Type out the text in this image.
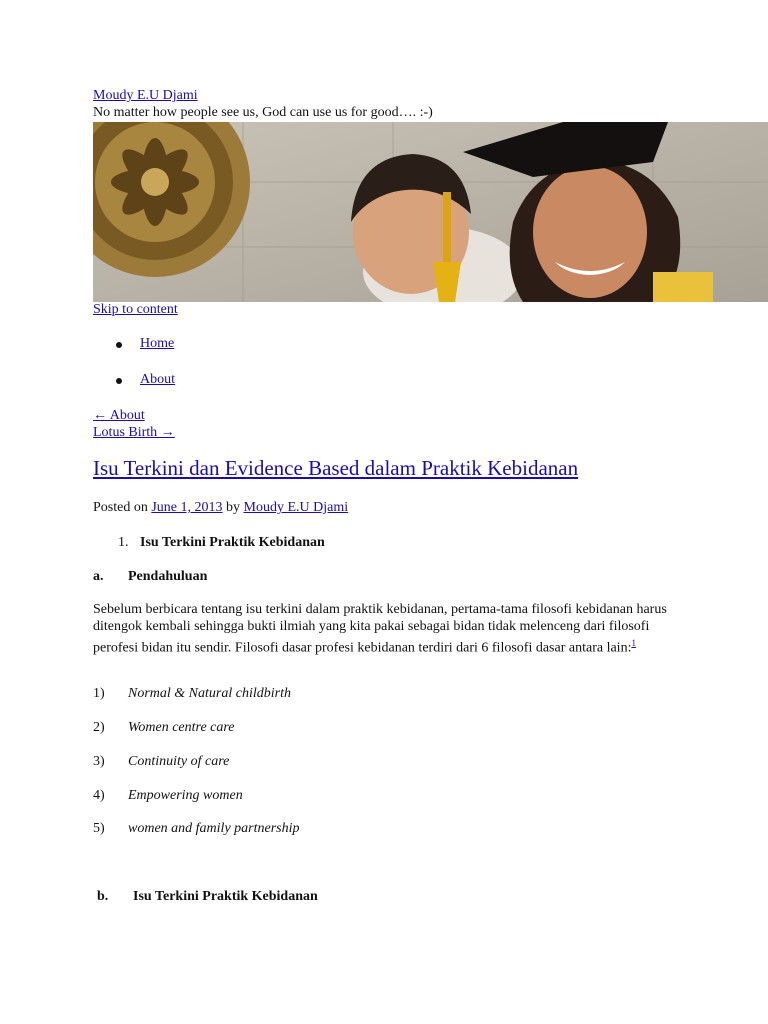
Moudy E.U Djami
No matter how people see us, God can use us for good…. :-)
Skip to content
Home
About
← About
Lotus Birth →
Isu Terkini dan Evidence Based dalam Praktik Kebidanan
Posted on June 1, 2013 by Moudy E.U Djami
1. Isu Terkini Praktik Kebidanan
a. Pendahuluan
Sebelum berbicara tentang isu terkini dalam praktik kebidanan, pertama-tama filosofi kebidanan harus ditengok kembali sehingga bukti ilmiah yang kita pakai sebagai bidan tidak melenceng dari filosofi perofesi bidan itu sendir. Filosofi dasar profesi kebidanan terdiri dari 6 filosofi dasar antara lain:$^1$
1) Normal & Natural childbirth
2) Women centre care
3) Continuity of care
4) Empowering women
5) women and family partnership
b. Isu Terkini Praktik Kebidanan
